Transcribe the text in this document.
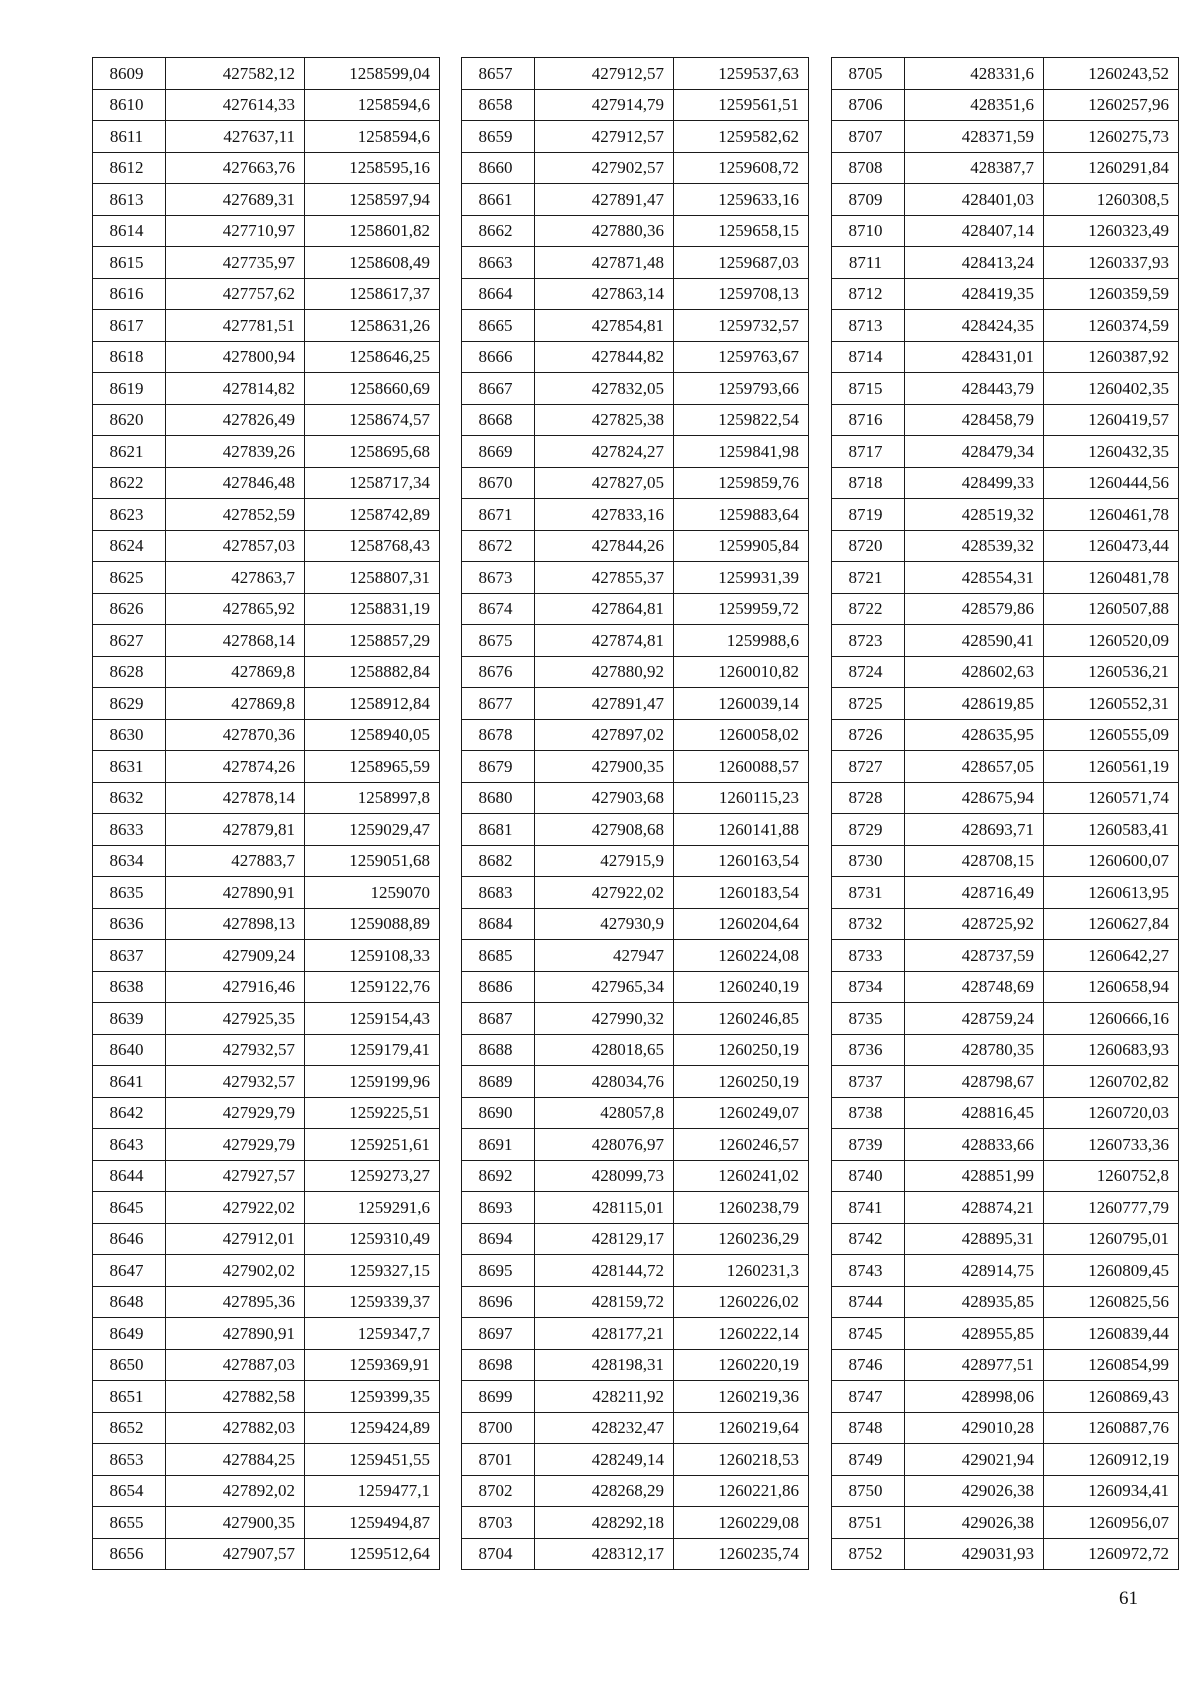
8609	427582,12	1258599,04
8610	427614,33	1258594,6
8611	427637,11	1258594,6
8612	427663,76	1258595,16
8613	427689,31	1258597,94
8614	427710,97	1258601,82
8615	427735,97	1258608,49
8616	427757,62	1258617,37
8617	427781,51	1258631,26
8618	427800,94	1258646,25
8619	427814,82	1258660,69
8620	427826,49	1258674,57
8621	427839,26	1258695,68
8622	427846,48	1258717,34
8623	427852,59	1258742,89
8624	427857,03	1258768,43
8625	427863,7	1258807,31
8626	427865,92	1258831,19
8627	427868,14	1258857,29
8628	427869,8	1258882,84
8629	427869,8	1258912,84
8630	427870,36	1258940,05
8631	427874,26	1258965,59
8632	427878,14	1258997,8
8633	427879,81	1259029,47
8634	427883,7	1259051,68
8635	427890,91	1259070
8636	427898,13	1259088,89
8637	427909,24	1259108,33
8638	427916,46	1259122,76
8639	427925,35	1259154,43
8640	427932,57	1259179,41
8641	427932,57	1259199,96
8642	427929,79	1259225,51
8643	427929,79	1259251,61
8644	427927,57	1259273,27
8645	427922,02	1259291,6
8646	427912,01	1259310,49
8647	427902,02	1259327,15
8648	427895,36	1259339,37
8649	427890,91	1259347,7
8650	427887,03	1259369,91
8651	427882,58	1259399,35
8652	427882,03	1259424,89
8653	427884,25	1259451,55
8654	427892,02	1259477,1
8655	427900,35	1259494,87
8656	427907,57	1259512,64
8657	427912,57	1259537,63
8658	427914,79	1259561,51
8659	427912,57	1259582,62
8660	427902,57	1259608,72
8661	427891,47	1259633,16
8662	427880,36	1259658,15
8663	427871,48	1259687,03
8664	427863,14	1259708,13
8665	427854,81	1259732,57
8666	427844,82	1259763,67
8667	427832,05	1259793,66
8668	427825,38	1259822,54
8669	427824,27	1259841,98
8670	427827,05	1259859,76
8671	427833,16	1259883,64
8672	427844,26	1259905,84
8673	427855,37	1259931,39
8674	427864,81	1259959,72
8675	427874,81	1259988,6
8676	427880,92	1260010,82
8677	427891,47	1260039,14
8678	427897,02	1260058,02
8679	427900,35	1260088,57
8680	427903,68	1260115,23
8681	427908,68	1260141,88
8682	427915,9	1260163,54
8683	427922,02	1260183,54
8684	427930,9	1260204,64
8685	427947	1260224,08
8686	427965,34	1260240,19
8687	427990,32	1260246,85
8688	428018,65	1260250,19
8689	428034,76	1260250,19
8690	428057,8	1260249,07
8691	428076,97	1260246,57
8692	428099,73	1260241,02
8693	428115,01	1260238,79
8694	428129,17	1260236,29
8695	428144,72	1260231,3
8696	428159,72	1260226,02
8697	428177,21	1260222,14
8698	428198,31	1260220,19
8699	428211,92	1260219,36
8700	428232,47	1260219,64
8701	428249,14	1260218,53
8702	428268,29	1260221,86
8703	428292,18	1260229,08
8704	428312,17	1260235,74
8705	428331,6	1260243,52
8706	428351,6	1260257,96
8707	428371,59	1260275,73
8708	428387,7	1260291,84
8709	428401,03	1260308,5
8710	428407,14	1260323,49
8711	428413,24	1260337,93
8712	428419,35	1260359,59
8713	428424,35	1260374,59
8714	428431,01	1260387,92
8715	428443,79	1260402,35
8716	428458,79	1260419,57
8717	428479,34	1260432,35
8718	428499,33	1260444,56
8719	428519,32	1260461,78
8720	428539,32	1260473,44
8721	428554,31	1260481,78
8722	428579,86	1260507,88
8723	428590,41	1260520,09
8724	428602,63	1260536,21
8725	428619,85	1260552,31
8726	428635,95	1260555,09
8727	428657,05	1260561,19
8728	428675,94	1260571,74
8729	428693,71	1260583,41
8730	428708,15	1260600,07
8731	428716,49	1260613,95
8732	428725,92	1260627,84
8733	428737,59	1260642,27
8734	428748,69	1260658,94
8735	428759,24	1260666,16
8736	428780,35	1260683,93
8737	428798,67	1260702,82
8738	428816,45	1260720,03
8739	428833,66	1260733,36
8740	428851,99	1260752,8
8741	428874,21	1260777,79
8742	428895,31	1260795,01
8743	428914,75	1260809,45
8744	428935,85	1260825,56
8745	428955,85	1260839,44
8746	428977,51	1260854,99
8747	428998,06	1260869,43
8748	429010,28	1260887,76
8749	429021,94	1260912,19
8750	429026,38	1260934,41
8751	429026,38	1260956,07
8752	429031,93	1260972,72
61
